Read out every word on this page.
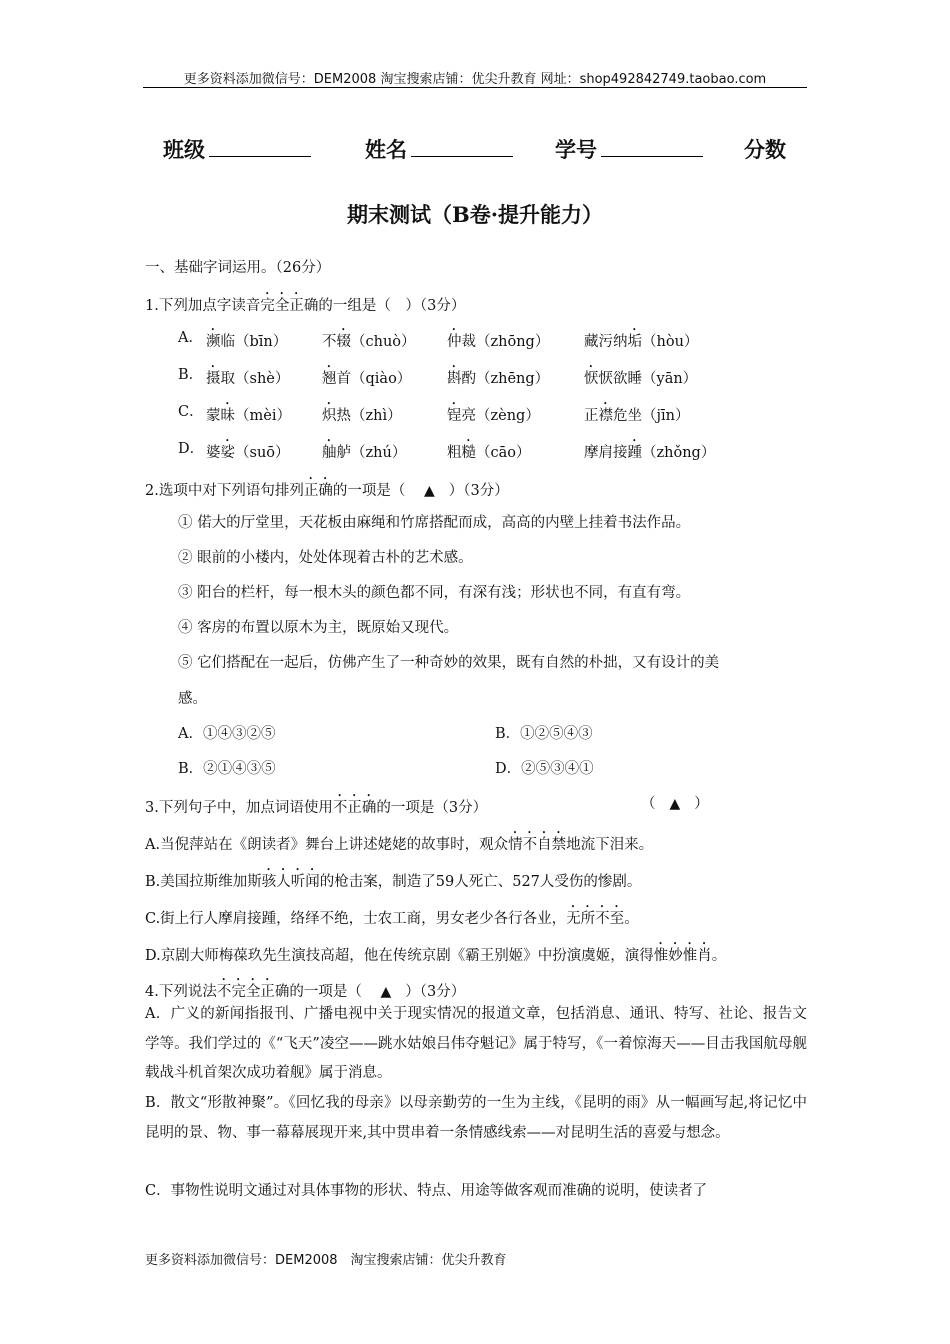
更多资料添加微信号：DEM2008 淘宝搜索店铺：优尖升教育 网址：shop492842749.taobao.com
班级	姓名	学号	分数
期末测试（B卷·提升能力）
一、基础字词运用。（26分）
1.下列加点字读音完全正确的一组是（　）（3分）
A． 濒临（bīn） 不辍（chuò） 仲裁（zhōng） 藏污纳垢（hòu）
B． 摄取（shè） 翘首（qiào） 斟酌（zhēng） 恹恹欲睡（yān）
C． 蒙昧（mèi） 炽热（zhì）	锃亮（zèng）	正襟危坐（jīn）
D． 婆娑（suō） 舳舻（zhú）	粗糙（cāo）	摩肩接踵（zhǒng）
2.选项中对下列语句排列正确的一项是（ ▲ ）（3分）
① 偌大的厅堂里，天花板由麻绳和竹席搭配而成，高高的内壁上挂着书法作品。
② 眼前的小楼内，处处体现着古朴的艺术感。
③ 阳台的栏杆，每一根木头的颜色都不同，有深有浅；形状也不同，有直有弯。
④ 客房的布置以原木为主，既原始又现代。
⑤ 它们搭配在一起后，仿佛产生了一种奇妙的效果，既有自然的朴拙，又有设计的美
感。
A．①④③②⑤	B．①②⑤④③
B．②①④③⑤	D．②⑤③④①
3.下列句子中，加点词语使用不正确的一项是（3分）	（ ▲ ）
A.当倪萍站在《朗读者》舞台上讲述姥姥的故事时，观众情不自禁地流下泪来。
B.美国拉斯维加斯骇人听闻的枪击案，制造了59人死亡、527人受伤的惨剧。
C.街上行人摩肩接踵，络绎不绝，士农工商，男女老少各行各业，无所不至。
D.京剧大师梅葆玖先生演技高超，他在传统京剧《霸王别姬》中扮演虞姬，演得惟妙惟肖。
4.下列说法不完全正确的一项是（ ▲ ）（3分）
A．广义的新闻指报刊、广播电视中关于现实情况的报道文章，包括消息、通讯、特写、社论、报告文学等。我们学过的《“飞天”凌空——跳水姑娘吕伟夺魁记》属于特写，《一着惊海天——目击我国航母舰载战斗机首架次成功着舰》属于消息。
B．散文“形散神聚”。《回忆我的母亲》以母亲勤劳的一生为主线，《昆明的雨》从一幅画写起,将记忆中昆明的景、物、事一幕幕展现开来,其中贯串着一条情感线索——对昆明生活的喜爱与想念。
C．事物性说明文通过对具体事物的形状、特点、用途等做客观而准确的说明，使读者了
更多资料添加微信号：DEM2008　淘宝搜索店铺：优尖升教育
